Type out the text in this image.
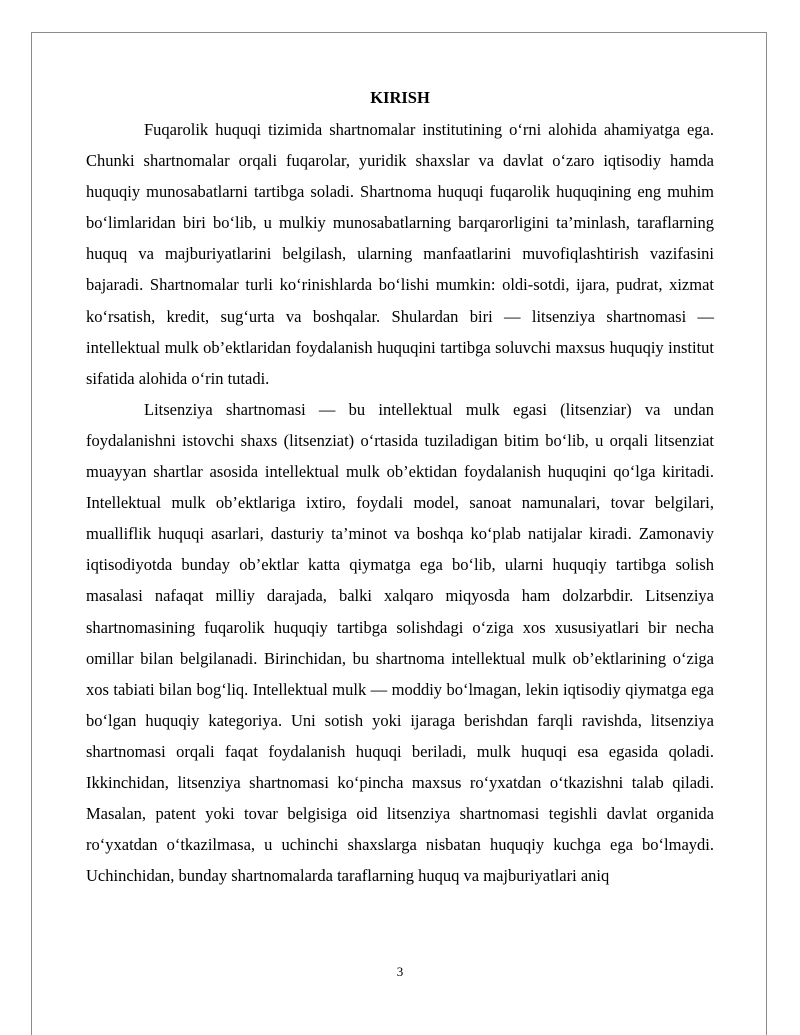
KIRISH

Fuqarolik huquqi tizimida shartnomalar institutining o‘rni alohida ahamiyatga ega. Chunki shartnomalar orqali fuqarolar, yuridik shaxslar va davlat o‘zaro iqtisodiy hamda huquqiy munosabatlarni tartibga soladi. Shartnoma huquqi fuqarolik huquqining eng muhim bo‘limlaridan biri bo‘lib, u mulkiy munosabatlarning barqarorligini ta’minlash, taraflarning huquq va majburiyatlarini belgilash, ularning manfaatlarini muvofiqlashtirish vazifasini bajaradi. Shartnomalar turli ko‘rinishlarda bo‘lishi mumkin: oldi-sotdi, ijara, pudrat, xizmat ko‘rsatish, kredit, sug‘urta va boshqalar. Shulardan biri — litsenziya shartnomasi — intellektual mulk ob’ektlaridan foydalanish huquqini tartibga soluvchi maxsus huquqiy institut sifatida alohida o‘rin tutadi.

Litsenziya shartnomasi — bu intellektual mulk egasi (litsenziar) va undan foydalanishni istovchi shaxs (litsenziat) o‘rtasida tuziladigan bitim bo‘lib, u orqali litsenziat muayyan shartlar asosida intellektual mulk ob’ektidan foydalanish huquqini qo‘lga kiritadi. Intellektual mulk ob’ektlariga ixtiro, foydali model, sanoat namunalari, tovar belgilari, mualliflik huquqi asarlari, dasturiy ta’minot va boshqa ko‘plab natijalar kiradi. Zamonaviy iqtisodiyotda bunday ob’ektlar katta qiymatga ega bo‘lib, ularni huquqiy tartibga solish masalasi nafaqat milliy darajada, balki xalqaro miqyosda ham dolzarbdir. Litsenziya shartnomasining fuqarolik huquqiy tartibga solishdagi o‘ziga xos xususiyatlari bir necha omillar bilan belgilanadi. Birinchidan, bu shartnoma intellektual mulk ob’ektlarining o‘ziga xos tabiati bilan bog‘liq. Intellektual mulk — moddiy bo‘lmagan, lekin iqtisodiy qiymatga ega bo‘lgan huquqiy kategoriya. Uni sotish yoki ijaraga berishdan farqli ravishda, litsenziya shartnomasi orqali faqat foydalanish huquqi beriladi, mulk huquqi esa egasida qoladi. Ikkinchidan, litsenziya shartnomasi ko‘pincha maxsus ro‘yxatdan o‘tkazishni talab qiladi. Masalan, patent yoki tovar belgisiga oid litsenziya shartnomasi tegishli davlat organida ro‘yxatdan o‘tkazilmasa, u uchinchi shaxslarga nisbatan huquqiy kuchga ega bo‘lmaydi. Uchinchidan, bunday shartnomalarda taraflarning huquq va majburiyatlari aniq

3
